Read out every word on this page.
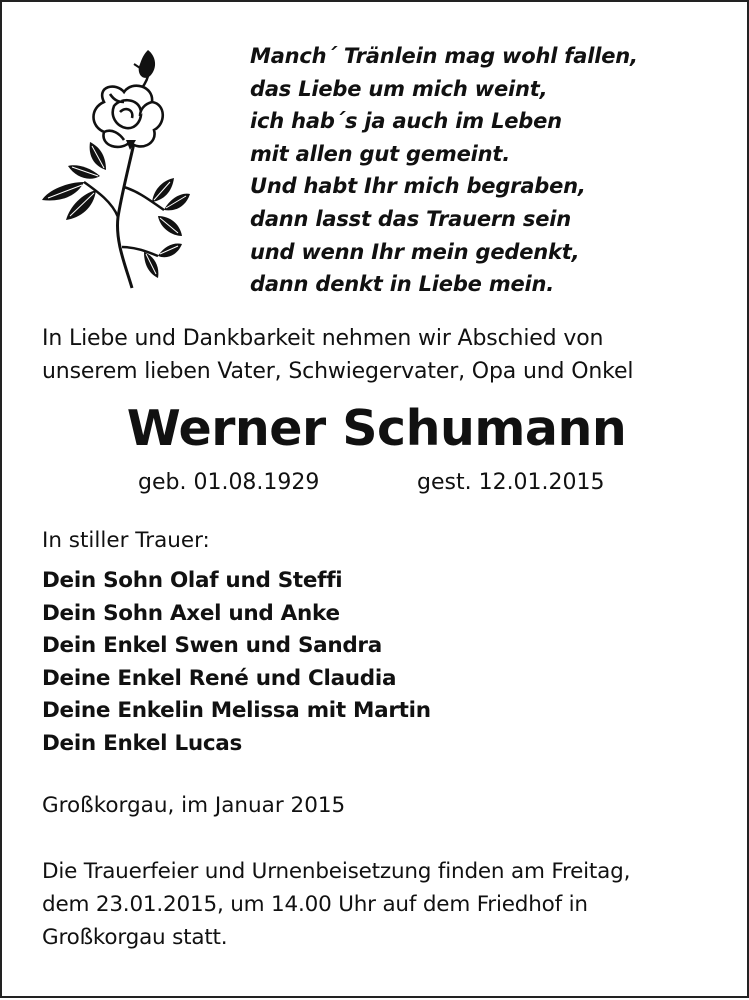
Manch´ Tränlein mag wohl fallen,
das Liebe um mich weint,
ich hab´s ja auch im Leben
mit allen gut gemeint.
Und habt Ihr mich begraben,
dann lasst das Trauern sein
und wenn Ihr mein gedenkt,
dann denkt in Liebe mein.
In Liebe und Dankbarkeit nehmen wir Abschied von
unserem lieben Vater, Schwiegervater, Opa und Onkel
Werner Schumann
geb. 01.08.1929	gest. 12.01.2015
In stiller Trauer:
Dein Sohn Olaf und Steffi
Dein Sohn Axel und Anke
Dein Enkel Swen und Sandra
Deine Enkel René und Claudia
Deine Enkelin Melissa mit Martin
Dein Enkel Lucas
Großkorgau, im Januar 2015
Die Trauerfeier und Urnenbeisetzung finden am Freitag,
dem 23.01.2015, um 14.00 Uhr auf dem Friedhof in
Großkorgau statt.
